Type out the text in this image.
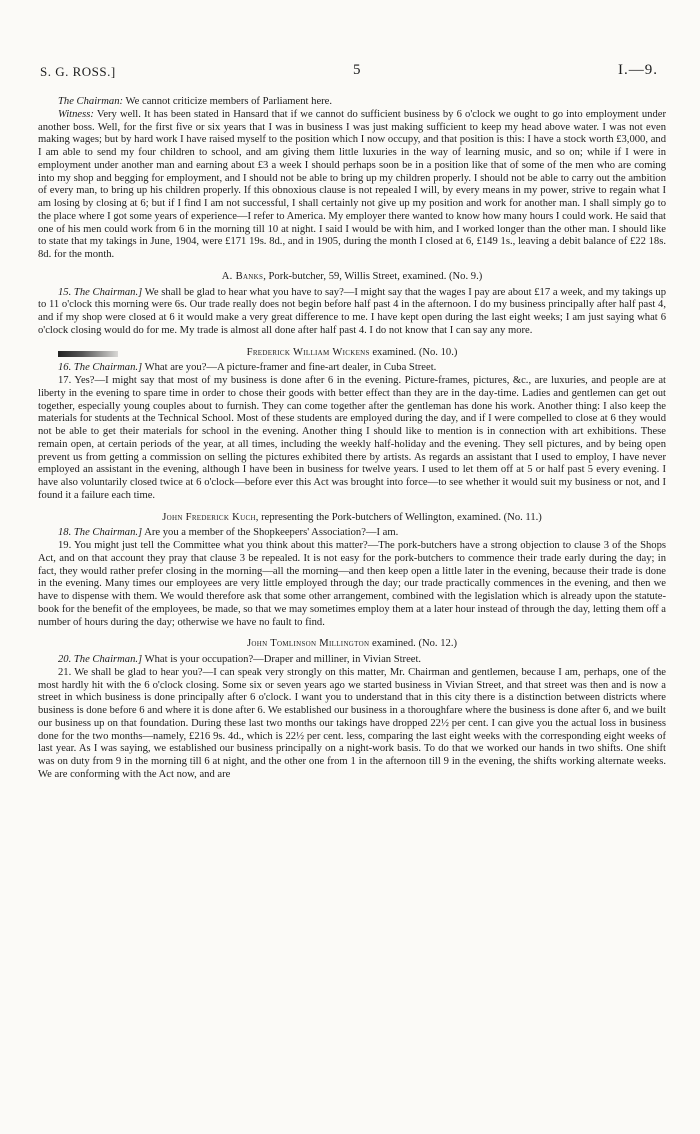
S. G. ROSS.]	5	I.—9.

The Chairman: We cannot criticize members of Parliament here.

Witness: Very well. It has been stated in Hansard that if we cannot do sufficient business by 6 o'clock we ought to go into employment under another boss. Well, for the first five or six years that I was in business I was just making sufficient to keep my head above water. I was not even making wages; but by hard work I have raised myself to the position which I now occupy, and that position is this: I have a stock worth £3,000, and I am able to send my four children to school, and am giving them little luxuries in the way of learning music, and so on; while if I were in employment under another man and earning about £3 a week I should perhaps soon be in a position like that of some of the men who are coming into my shop and begging for employment, and I should not be able to bring up my children properly. I should not be able to carry out the ambition of every man, to bring up his children properly. If this obnoxious clause is not repealed I will, by every means in my power, strive to regain what I am losing by closing at 6; but if I find I am not successful, I shall certainly not give up my position and work for another man. I shall simply go to the place where I got some years of experience—I refer to America. My employer there wanted to know how many hours I could work. He said that one of his men could work from 6 in the morning till 10 at night. I said I would be with him, and I worked longer than the other man. I should like to state that my takings in June, 1904, were £171 19s. 8d., and in 1905, during the month I closed at 6, £149 1s., leaving a debit balance of £22 18s. 8d. for the month.

A. Banks, Pork-butcher, 59, Willis Street, examined. (No. 9.)

15. The Chairman.] We shall be glad to hear what you have to say?—I might say that the wages I pay are about £17 a week, and my takings up to 11 o'clock this morning were 6s. Our trade really does not begin before half past 4 in the afternoon. I do my business principally after half past 4, and if my shop were closed at 6 it would make a very great difference to me. I have kept open during the last eight weeks; I am just saying what 6 o'clock closing would do for me. My trade is almost all done after half past 4. I do not know that I can say any more.

Frederick William Wickens examined. (No. 10.)

16. The Chairman.] What are you?—A picture-framer and fine-art dealer, in Cuba Street.

17. Yes?—I might say that most of my business is done after 6 in the evening. Picture-frames, pictures, &c., are luxuries, and people are at liberty in the evening to spare time in order to chose their goods with better effect than they are in the day-time. Ladies and gentlemen can get out together, especially young couples about to furnish. They can come together after the gentleman has done his work. Another thing: I also keep the materials for students at the Technical School. Most of these students are employed during the day, and if I were compelled to close at 6 they would not be able to get their materials for school in the evening. Another thing I should like to mention is in connection with art exhibitions. These remain open, at certain periods of the year, at all times, including the weekly half-holiday and the evening. They sell pictures, and by being open prevent us from getting a commission on selling the pictures exhibited there by artists. As regards an assistant that I used to employ, I have never employed an assistant in the evening, although I have been in business for twelve years. I used to let them off at 5 or half past 5 every evening. I have also voluntarily closed twice at 6 o'clock—before ever this Act was brought into force—to see whether it would suit my business or not, and I found it a failure each time.

John Frederick Kuch, representing the Pork-butchers of Wellington, examined. (No. 11.)

18. The Chairman.] Are you a member of the Shopkeepers' Association?—I am.

19. You might just tell the Committee what you think about this matter?—The pork-butchers have a strong objection to clause 3 of the Shops Act, and on that account they pray that clause 3 be repealed. It is not easy for the pork-butchers to commence their trade early during the day; in fact, they would rather prefer closing in the morning—all the morning—and then keep open a little later in the evening, because their trade is done in the evening. Many times our employees are very little employed through the day; our trade practically commences in the evening, and then we have to dispense with them. We would therefore ask that some other arrangement, combined with the legislation which is already upon the statute-book for the benefit of the employees, be made, so that we may sometimes employ them at a later hour instead of through the day, letting them off a number of hours during the day; otherwise we have no fault to find.

John Tomlinson Millington examined. (No. 12.)

20. The Chairman.] What is your occupation?—Draper and milliner, in Vivian Street.

21. We shall be glad to hear you?—I can speak very strongly on this matter, Mr. Chairman and gentlemen, because I am, perhaps, one of the most hardly hit with the 6 o'clock closing. Some six or seven years ago we started business in Vivian Street, and that street was then and is now a street in which business is done principally after 6 o'clock. I want you to understand that in this city there is a distinction between districts where business is done before 6 and where it is done after 6. We established our business in a thoroughfare where the business is done after 6, and we built our business up on that foundation. During these last two months our takings have dropped 22½ per cent. I can give you the actual loss in business done for the two months—namely, £216 9s. 4d., which is 22½ per cent. less, comparing the last eight weeks with the corresponding eight weeks of last year. As I was saying, we established our business principally on a night-work basis. To do that we worked our hands in two shifts. One shift was on duty from 9 in the morning till 6 at night, and the other one from 1 in the afternoon till 9 in the evening, the shifts working alternate weeks. We are conforming with the Act now, and are
